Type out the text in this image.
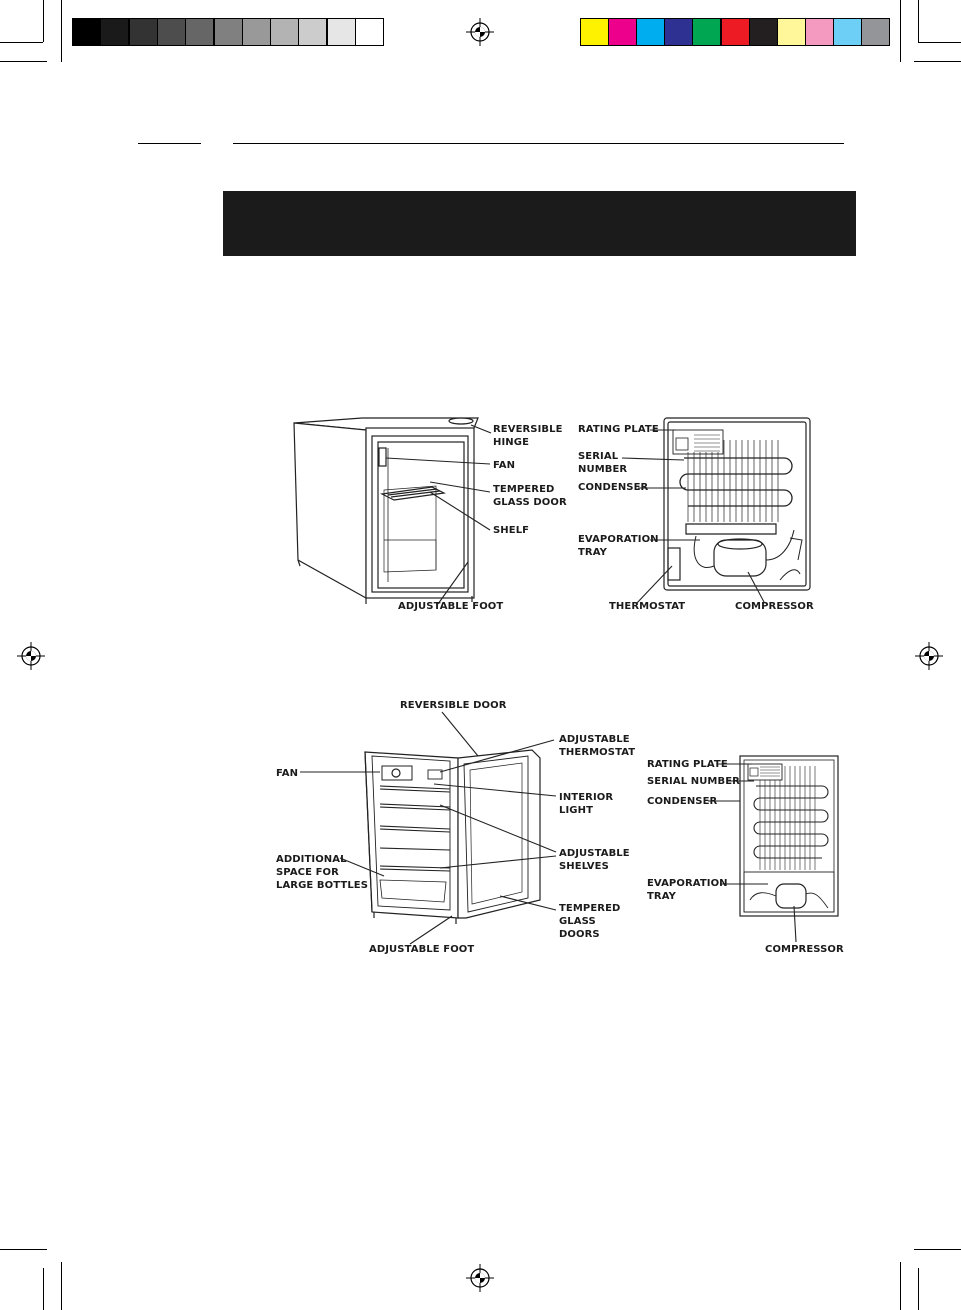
REVERSIBLE
HINGE
FAN
TEMPERED
GLASS DOOR
SHELF
ADJUSTABLE FOOT
RATING PLATE
SERIAL
NUMBER
CONDENSER
EVAPORATION
TRAY
THERMOSTAT	COMPRESSOR
REVERSIBLE DOOR
ADJUSTABLE
THERMOSTAT
FAN
INTERIOR
LIGHT
ADJUSTABLE
SHELVES
ADDITIONAL
SPACE FOR
LARGE BOTTLES
TEMPERED
GLASS
DOORS
ADJUSTABLE FOOT
RATING PLATE
SERIAL NUMBER
CONDENSER
EVAPORATION
TRAY
COMPRESSOR
